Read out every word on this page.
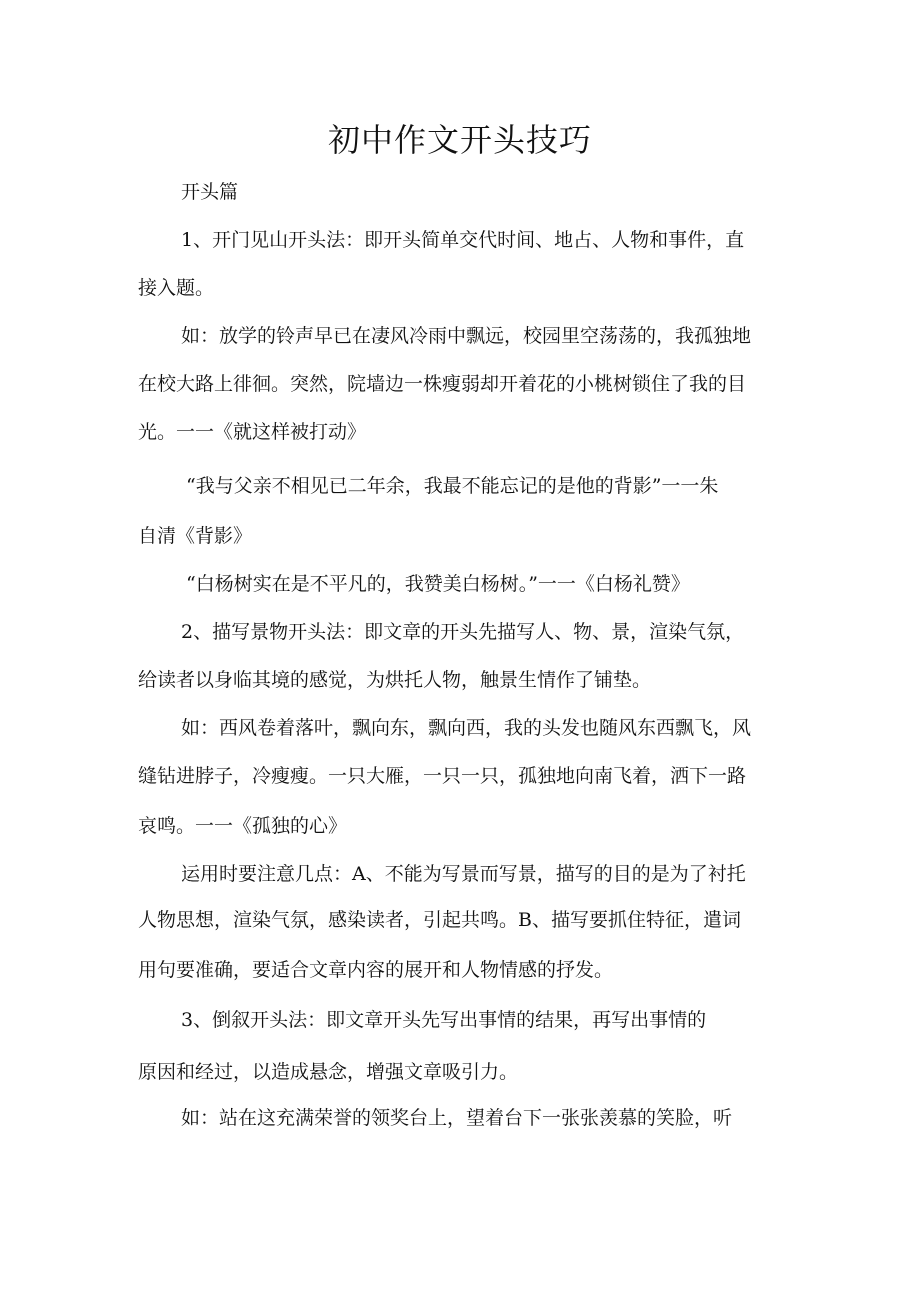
初中作文开头技巧

开头篇

1、开门见山开头法：即开头简单交代时间、地占、人物和事件，直

接入题。

如：放学的铃声早已在凄风冷雨中飘远，校园里空荡荡的，我孤独地

在校大路上徘徊。突然，院墙边一株瘦弱却开着花的小桃树锁住了我的目

光。一一《就这样被打动》

“我与父亲不相见已二年余，我最不能忘记的是他的背影”一一朱

自清《背影》

“白杨树实在是不平凡的，我赞美白杨树。”一一《白杨礼赞》

2、描写景物开头法：即文章的开头先描写人、物、景，渲染气氛，

给读者以身临其境的感觉，为烘托人物，触景生情作了铺垫。

如：西风卷着落叶，飘向东，飘向西，我的头发也随风东西飘飞，风

缝钻进脖子，冷瘦瘦。一只大雁，一只一只，孤独地向南飞着，洒下一路

哀鸣。一一《孤独的心》

运用时要注意几点：A、不能为写景而写景，描写的目的是为了衬托

人物思想，渲染气氛，感染读者，引起共鸣。B、描写要抓住特征，遣词

用句要准确，要适合文章内容的展开和人物情感的抒发。

3、倒叙开头法：即文章开头先写出事情的结果，再写出事情的

原因和经过，以造成悬念，增强文章吸引力。

如：站在这充满荣誉的领奖台上，望着台下一张张羡慕的笑脸，听
